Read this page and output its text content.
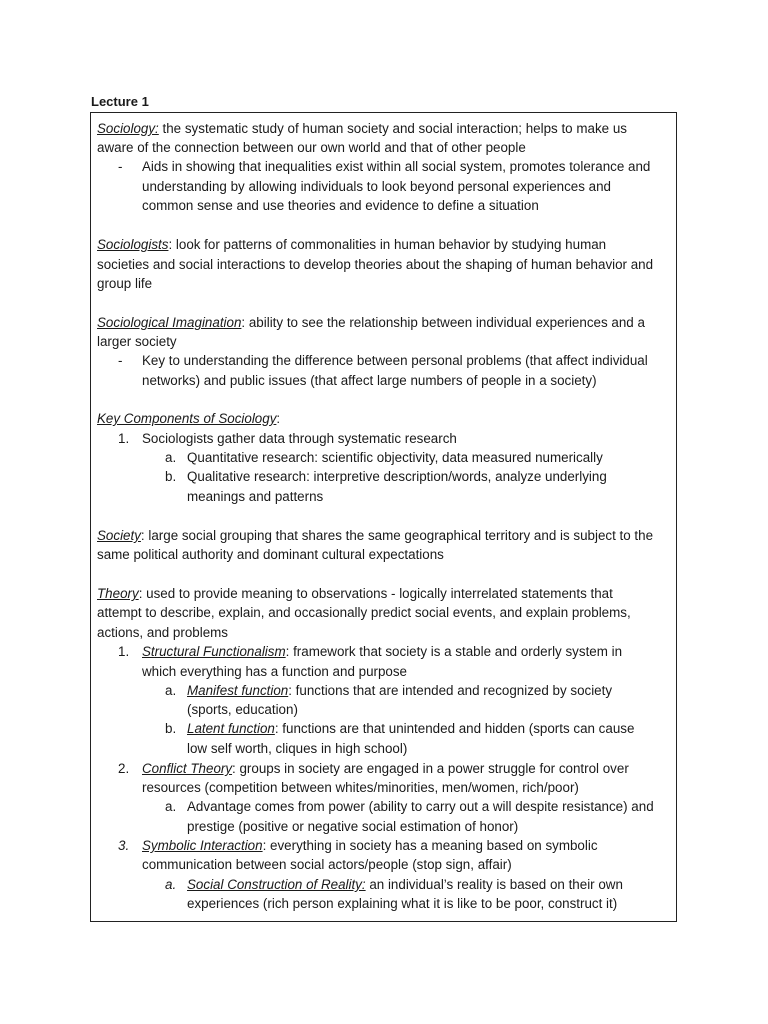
Lecture 1
Sociology: the systematic study of human society and social interaction; helps to make us
aware of the connection between our own world and that of other people
- Aids in showing that inequalities exist within all social system, promotes tolerance and
understanding by allowing individuals to look beyond personal experiences and
common sense and use theories and evidence to define a situation
Sociologists: look for patterns of commonalities in human behavior by studying human
societies and social interactions to develop theories about the shaping of human behavior and
group life
Sociological Imagination: ability to see the relationship between individual experiences and a
larger society
- Key to understanding the difference between personal problems (that affect individual
networks) and public issues (that affect large numbers of people in a society)
Key Components of Sociology:
1. Sociologists gather data through systematic research
a. Quantitative research: scientific objectivity, data measured numerically
b. Qualitative research: interpretive description/words, analyze underlying
meanings and patterns
Society: large social grouping that shares the same geographical territory and is subject to the
same political authority and dominant cultural expectations
Theory: used to provide meaning to observations - logically interrelated statements that
attempt to describe, explain, and occasionally predict social events, and explain problems,
actions, and problems
1. Structural Functionalism: framework that society is a stable and orderly system in
which everything has a function and purpose
a. Manifest function: functions that are intended and recognized by society
(sports, education)
b. Latent function: functions are that unintended and hidden (sports can cause
low self worth, cliques in high school)
2. Conflict Theory: groups in society are engaged in a power struggle for control over
resources (competition between whites/minorities, men/women, rich/poor)
a. Advantage comes from power (ability to carry out a will despite resistance) and
prestige (positive or negative social estimation of honor)
3. Symbolic Interaction: everything in society has a meaning based on symbolic
communication between social actors/people (stop sign, affair)
a. Social Construction of Reality: an individual’s reality is based on their own
experiences (rich person explaining what it is like to be poor, construct it)
